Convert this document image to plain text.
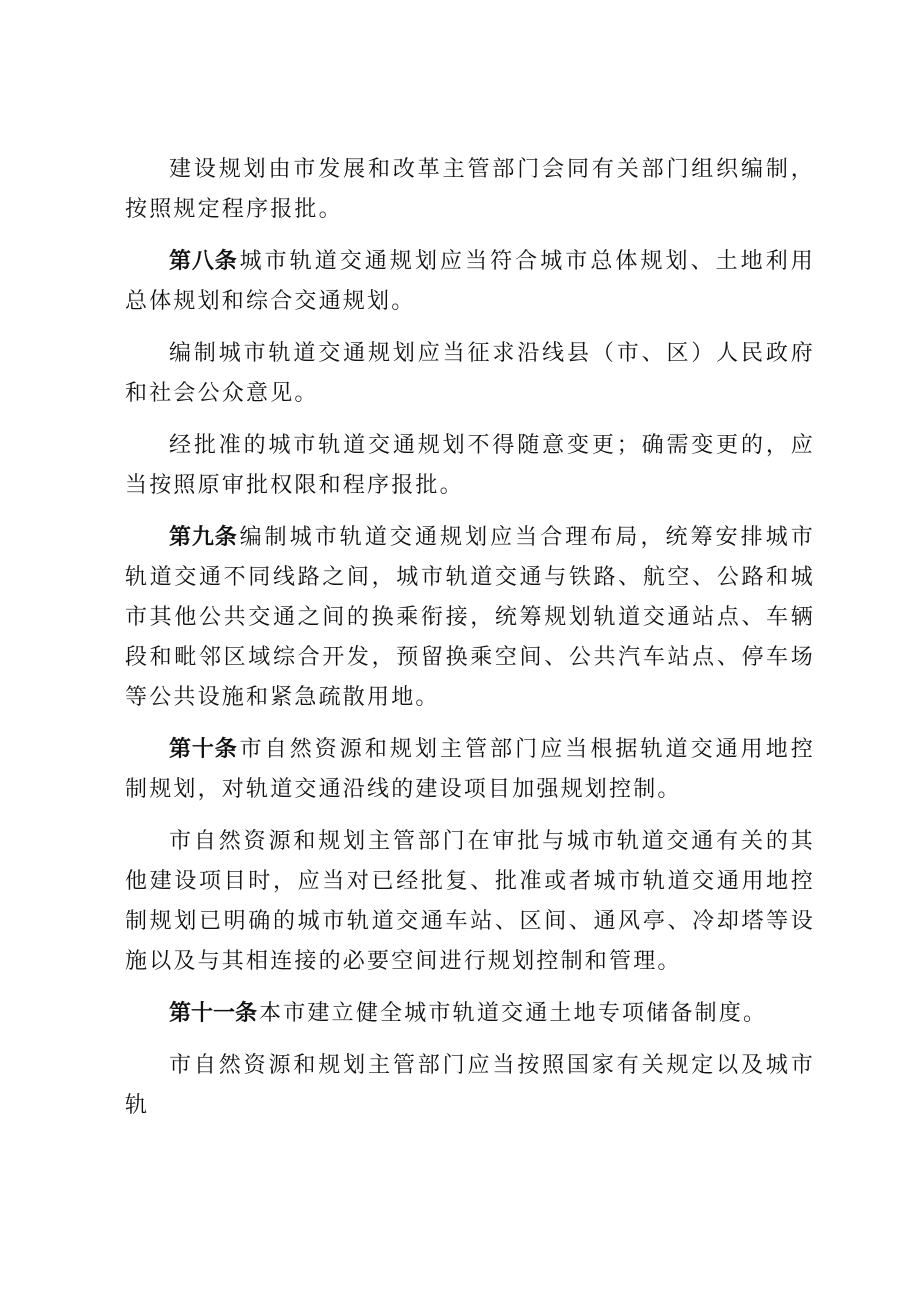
建设规划由市发展和改革主管部门会同有关部门组织编制，按照规定程序报批。

第八条城市轨道交通规划应当符合城市总体规划、土地利用总体规划和综合交通规划。

编制城市轨道交通规划应当征求沿线县（市、区）人民政府和社会公众意见。

经批准的城市轨道交通规划不得随意变更；确需变更的，应当按照原审批权限和程序报批。

第九条编制城市轨道交通规划应当合理布局，统筹安排城市轨道交通不同线路之间，城市轨道交通与铁路、航空、公路和城市其他公共交通之间的换乘衔接，统筹规划轨道交通站点、车辆段和毗邻区域综合开发，预留换乘空间、公共汽车站点、停车场等公共设施和紧急疏散用地。

第十条市自然资源和规划主管部门应当根据轨道交通用地控制规划，对轨道交通沿线的建设项目加强规划控制。

市自然资源和规划主管部门在审批与城市轨道交通有关的其他建设项目时，应当对已经批复、批准或者城市轨道交通用地控制规划已明确的城市轨道交通车站、区间、通风亭、冷却塔等设施以及与其相连接的必要空间进行规划控制和管理。

第十一条本市建立健全城市轨道交通土地专项储备制度。

市自然资源和规划主管部门应当按照国家有关规定以及城市轨
